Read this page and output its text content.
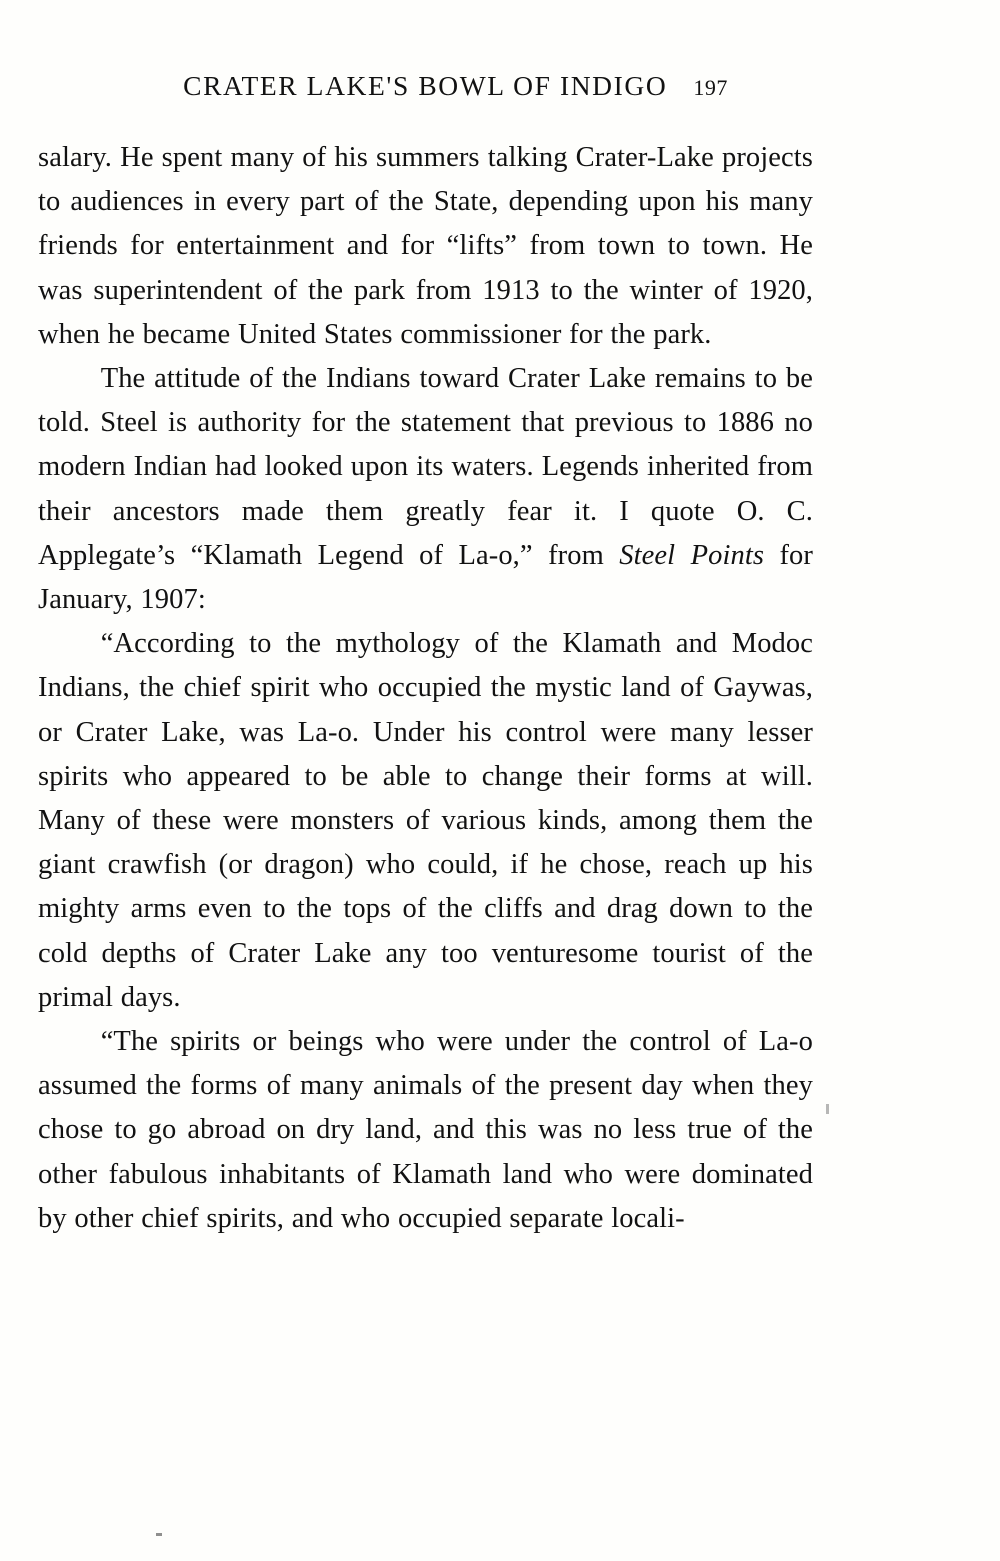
CRATER LAKE'S BOWL OF INDIGO 197

salary. He spent many of his summers talking Crater-Lake projects to audiences in every part of the State, depending upon his many friends for entertainment and for “lifts” from town to town. He was superintendent of the park from 1913 to the winter of 1920, when he became United States commissioner for the park.

The attitude of the Indians toward Crater Lake remains to be told. Steel is authority for the statement that previous to 1886 no modern Indian had looked upon its waters. Legends inherited from their ancestors made them greatly fear it. I quote O. C. Applegate’s “Klamath Legend of La-o,” from Steel Points for January, 1907:

“According to the mythology of the Klamath and Modoc Indians, the chief spirit who occupied the mystic land of Gaywas, or Crater Lake, was La-o. Under his control were many lesser spirits who appeared to be able to change their forms at will. Many of these were monsters of various kinds, among them the giant crawfish (or dragon) who could, if he chose, reach up his mighty arms even to the tops of the cliffs and drag down to the cold depths of Crater Lake any too venturesome tourist of the primal days.

“The spirits or beings who were under the control of La-o assumed the forms of many animals of the present day when they chose to go abroad on dry land, and this was no less true of the other fabulous inhabitants of Klamath land who were dominated by other chief spirits, and who occupied separate locali-
